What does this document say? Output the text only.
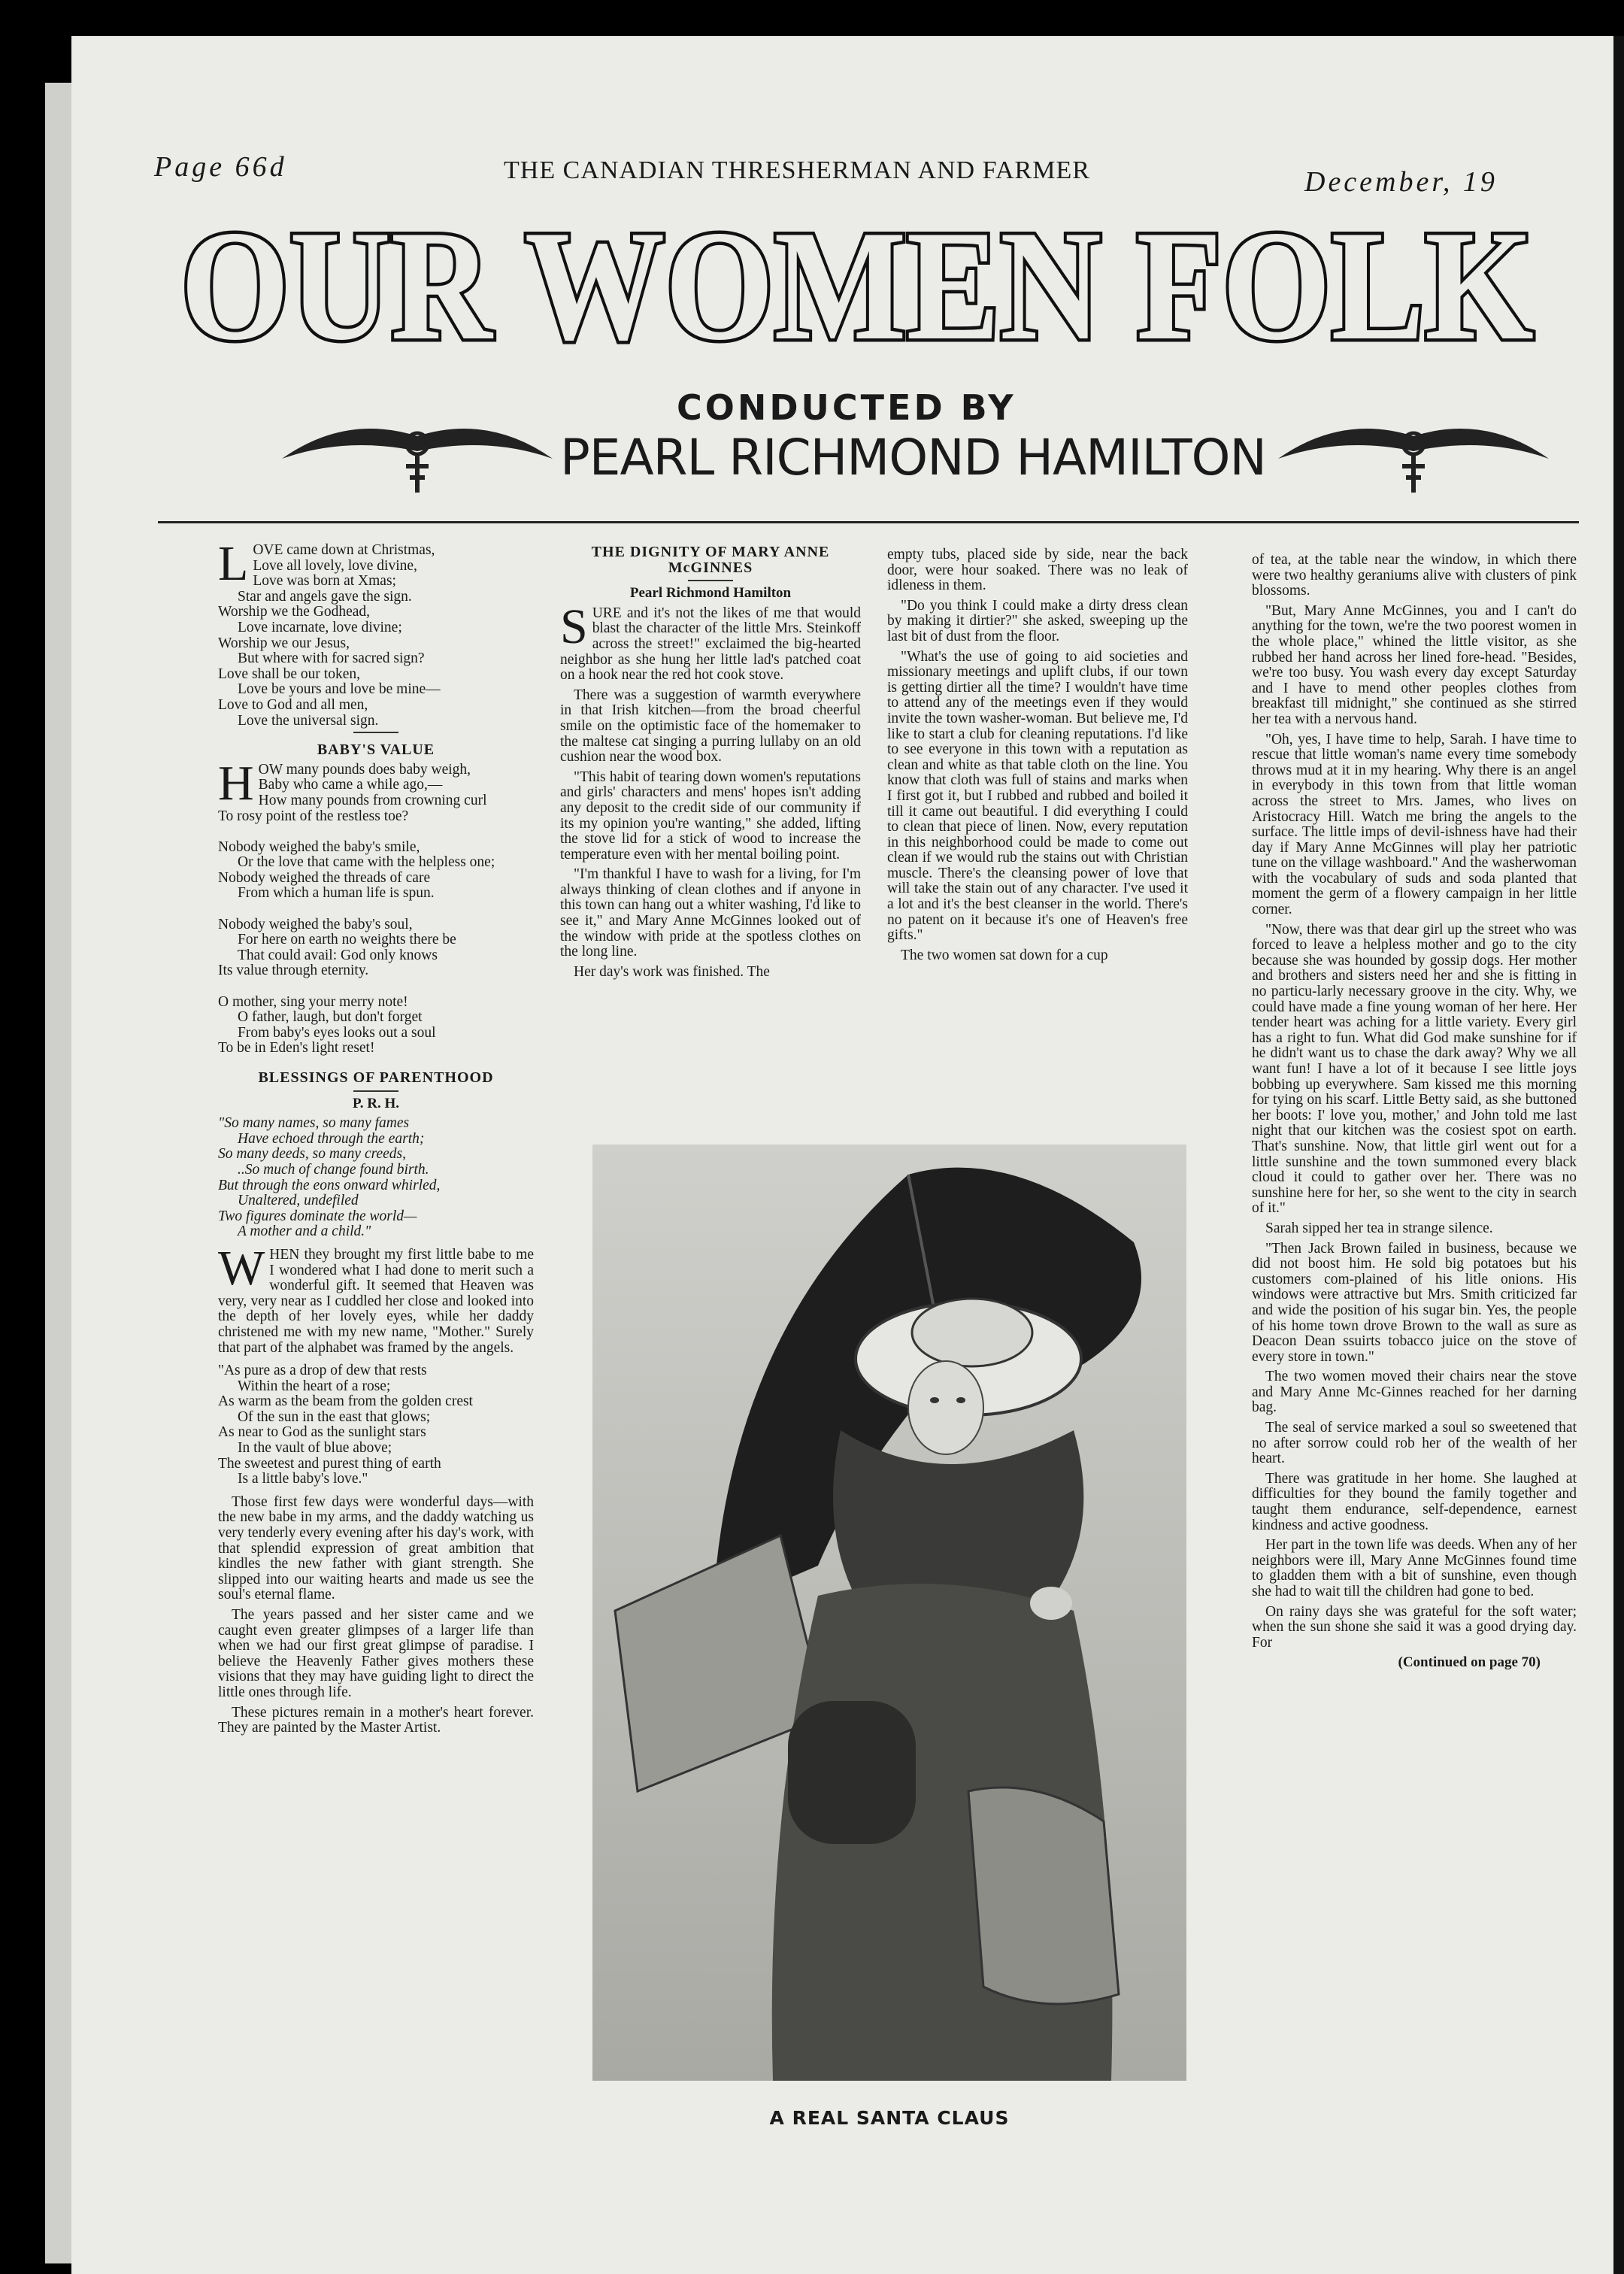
Page 66d	THE CANADIAN THRESHERMAN AND FARMER	December, 19
OUR WOMEN FOLK
CONDUCTED BY
PEARL RICHMOND HAMILTON
L OVE came down at Christmas,
Love all lovely, love divine,
Love was born at Xmas;
Star and angels gave the sign.
Worship we the Godhead,
Love incarnate, love divine;
Worship we our Jesus,
But where with for sacred sign?
Love shall be our token,
Love be yours and love be mine—
Love to God and all men,
Love the universal sign.
BABY'S VALUE
H OW many pounds does baby weigh,
Baby who came a while ago,—
How many pounds from crowning curl
To rosy point of the restless toe?

Nobody weighed the baby's smile,
Or the love that came with the helpless one;
Nobody weighed the threads of care
From which a human life is spun.

Nobody weighed the baby's soul,
For here on earth no weights there be
That could avail: God only knows
Its value through eternity.

O mother, sing your merry note!
O father, laugh, but don't forget
From baby's eyes looks out a soul
To be in Eden's light reset!
BLESSINGS OF PARENTHOOD
P. R. H.
"So many names, so many fames
Have echoed through the earth;
So many deeds, so many creeds,
..So much of change found birth.
But through the eons onward whirled,
Unaltered, undefiled
Two figures dominate the world—
A mother and a child."

WHEN they brought my first little babe to me I wondered what I had done to merit such a wonderful gift. It seemed that Heaven was very, very near as I cuddled her close and looked into the depth of her lovely eyes, while her daddy christened me with my new name, "Mother." Surely that part of the alphabet was framed by the angels.

"As pure as a drop of dew that rests
Within the heart of a rose;
As warm as the beam from the golden crest
Of the sun in the east that glows;
As near to God as the sunlight stars
In the vault of blue above;
The sweetest and purest thing of earth
Is a little baby's love."

Those first few days were wonderful days—with the new babe in my arms, and the daddy watching us very tenderly every evening after his day's work, with that splendid expression of great ambition that kindles the new father with giant strength. She slipped into our waiting hearts and made us see the soul's eternal flame.

The years passed and her sister came and we caught even greater glimpses of a larger life than when we had our first great glimpse of paradise. I believe the Heavenly Father gives mothers these visions that they may have guiding light to direct the little ones through life.

These pictures remain in a mother's heart forever. They are painted by the Master Artist.

THE DIGNITY OF MARY ANNE McGINNES
Pearl Richmond Hamilton

SURE and it's not the likes of me that would blast the character of the little Mrs. Steinkoff across the street!" exclaimed the big-hearted neighbor as she hung her little lad's patched coat on a hook near the red hot cook stove.

There was a suggestion of warmth everywhere in that Irish kitchen—from the broad cheerful smile on the optimistic face of the homemaker to the maltese cat singing a purring lullaby on an old cushion near the wood box.

"This habit of tearing down women's reputations and girls' characters and mens' hopes isn't adding any deposit to the credit side of our community if its my opinion you're wanting," she added, lifting the stove lid for a stick of wood to increase the temperature even with her mental boiling point.

"I'm thankful I have to wash for a living, for I'm always thinking of clean clothes and if anyone in this town can hang out a whiter washing, I'd like to see it," and Mary Anne McGinnes looked out of the window with pride at the spotless clothes on the long line.

Her day's work was finished. The

empty tubs, placed side by side, near the back door, were hour soaked. There was no leak of idleness in them.

"Do you think I could make a dirty dress clean by making it dirtier?" she asked, sweeping up the last bit of dust from the floor.

"What's the use of going to aid societies and missionary meetings and uplift clubs, if our town is getting dirtier all the time? I wouldn't have time to attend any of the meetings even if they would invite the town washer-woman. But believe me, I'd like to start a club for cleaning reputations. I'd like to see everyone in this town with a reputation as clean and white as that table cloth on the line. You know that cloth was full of stains and marks when I first got it, but I rubbed and rubbed and boiled it till it came out beautiful. I did everything I could to clean that piece of linen. Now, every reputation in this neighborhood could be made to come out clean if we would rub the stains out with Christian muscle. There's the cleansing power of love that will take the stain out of any character. I've used it a lot and it's the best cleanser in the world. There's no patent on it because it's one of Heaven's free gifts."

The two women sat down for a cup

of tea, at the table near the window, in which there were two healthy geraniums alive with clusters of pink blossoms.

"But, Mary Anne McGinnes, you and I can't do anything for the town, we're the two poorest women in the whole place," whined the little visitor, as she rubbed her hand across her lined fore-head. "Besides, we're too busy. You wash every day except Saturday and I have to mend other peoples clothes from breakfast till midnight," she continued as she stirred her tea with a nervous hand.

"Oh, yes, I have time to help, Sarah. I have time to rescue that little woman's name every time somebody throws mud at it in my hearing. Why there is an angel in everybody in this town from that little woman across the street to Mrs. James, who lives on Aristocracy Hill. Watch me bring the angels to the surface. The little imps of devil-ishness have had their day if Mary Anne McGinnes will play her patriotic tune on the village washboard." And the washerwoman with the vocabulary of suds and soda planted that moment the germ of a flowery campaign in her little corner.

"Now, there was that dear girl up the street who was forced to leave a helpless mother and go to the city because she was hounded by gossip dogs. Her mother and brothers and sisters need her and she is fitting in no particu-larly necessary groove in the city. Why, we could have made a fine young woman of her here. Her tender heart was aching for a little variety. Every girl has a right to fun. What did God make sunshine for if he didn't want us to chase the dark away? Why we all want fun! I have a lot of it because I see little joys bobbing up everywhere. Sam kissed me this morning for tying on his scarf. Little Betty said, as she buttoned her boots: I' love you, mother,' and John told me last night that our kitchen was the cosiest spot on earth. That's sunshine. Now, that little girl went out for a little sunshine and the town summoned every black cloud it could to gather over her. There was no sunshine here for her, so she went to the city in search of it."

Sarah sipped her tea in strange silence.

"Then Jack Brown failed in business, because we did not boost him. He sold big potatoes but his customers com-plained of his litle onions. His windows were attractive but Mrs. Smith criticized far and wide the position of his sugar bin. Yes, the people of his home town drove Brown to the wall as sure as Deacon Dean ssuirts tobacco juice on the stove of every store in town."

The two women moved their chairs near the stove and Mary Anne Mc-Ginnes reached for her darning bag.

The seal of service marked a soul so sweetened that no after sorrow could rob her of the wealth of her heart.

There was gratitude in her home. She laughed at difficulties for they bound the family together and taught them endurance, self-dependence, earnest kindness and active goodness.

Her part in the town life was deeds. When any of her neighbors were ill, Mary Anne McGinnes found time to gladden them with a bit of sunshine, even though she had to wait till the children had gone to bed.

On rainy days she was grateful for the soft water; when the sun shone she said it was a good drying day. For

(Continued on page 70)
A REAL SANTA CLAUS
